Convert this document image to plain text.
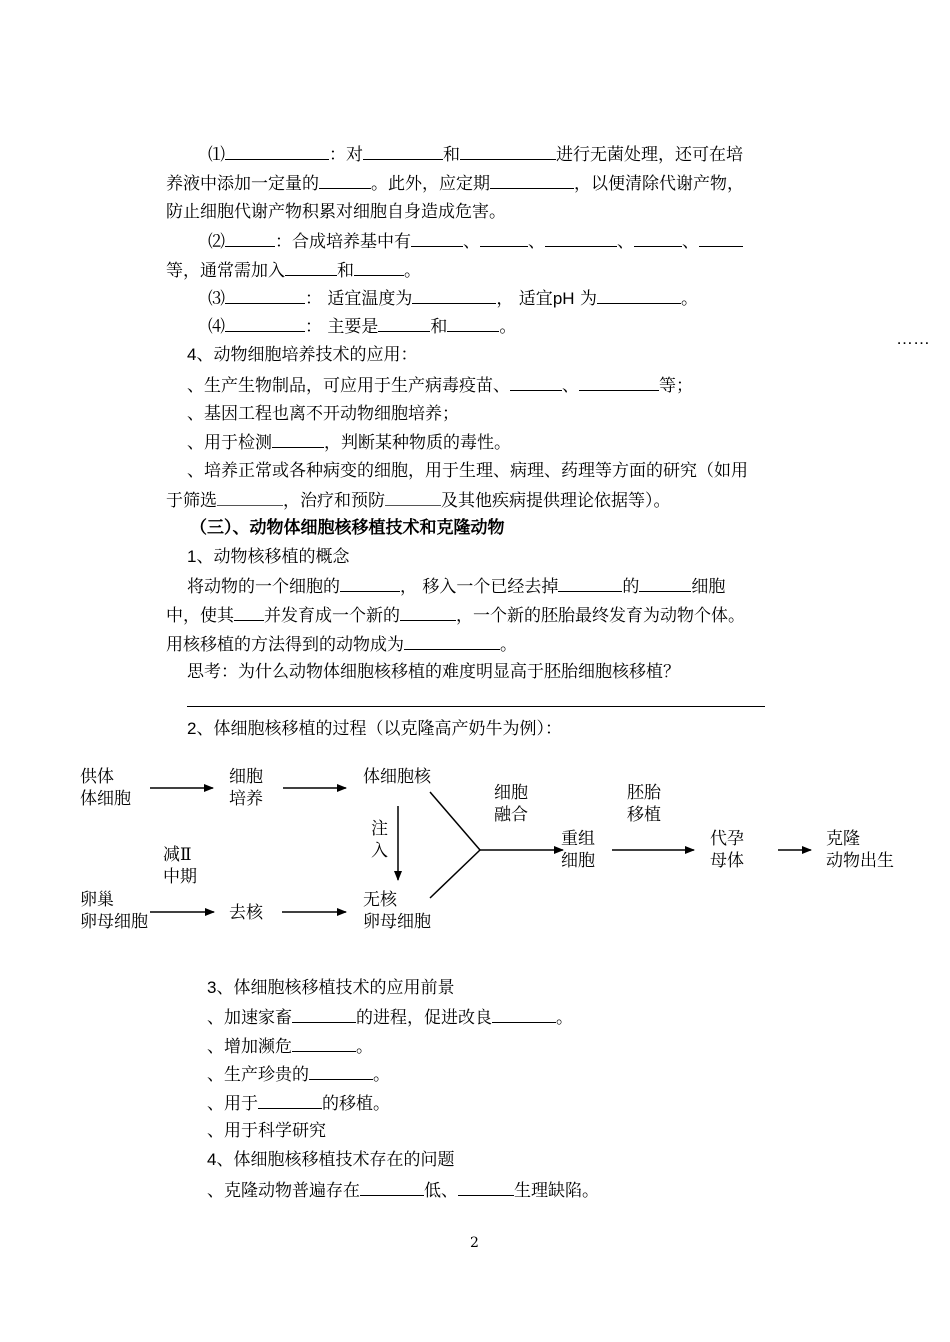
⑴	：对	和	进行无菌处理，还可在培
养液中添加一定量的	。此外，应定期	，以便清除代谢产物，
防止细胞代谢产物积累对细胞自身造成危害。
⑵	：合成培养基中有	、	、	、	、
等，通常需加入	和	。
⑶	： 适宜温度为	， 适宜pH 为	。
⑷	： 主要是	和	。
……
4、动物细胞培养技术的应用：
、生产生物制品，可应用于生产病毒疫苗、	、	等；
、基因工程也离不开动物细胞培养；
、用于检测	，判断某种物质的毒性。
、培养正常或各种病变的细胞，用于生理、病理、药理等方面的研究（如用
于筛选	，治疗和预防	及其他疾病提供理论依据等）。
（三）、动物体细胞核移植技术和克隆动物
1、动物核移植的概念
将动物的一个细胞的	， 移入一个已经去掉	的	细胞
中，使其 并发育成一个新的	，一个新的胚胎最终发育为动物个体。
用核移植的方法得到的动物成为	。
思考：为什么动物体细胞核移植的难度明显高于胚胎细胞核移植？
2、体细胞核移植的过程（以克隆高产奶牛为例）：
供体
体细胞
细胞
培养
体细胞核
注
入
减Ⅱ
中期
卵巢
卵母细胞	去核
无核
卵母细胞
细胞
融合
重组
细胞
胚胎
移植
代孕
母体
克隆
动物出生
3、体细胞核移植技术的应用前景
、加速家畜	的进程，促进改良	。
、增加濒危	。
、生产珍贵的	。
、用于	的移植。
、用于科学研究
4、体细胞核移植技术存在的问题
、克隆动物普遍存在	低、	生理缺陷。
2
